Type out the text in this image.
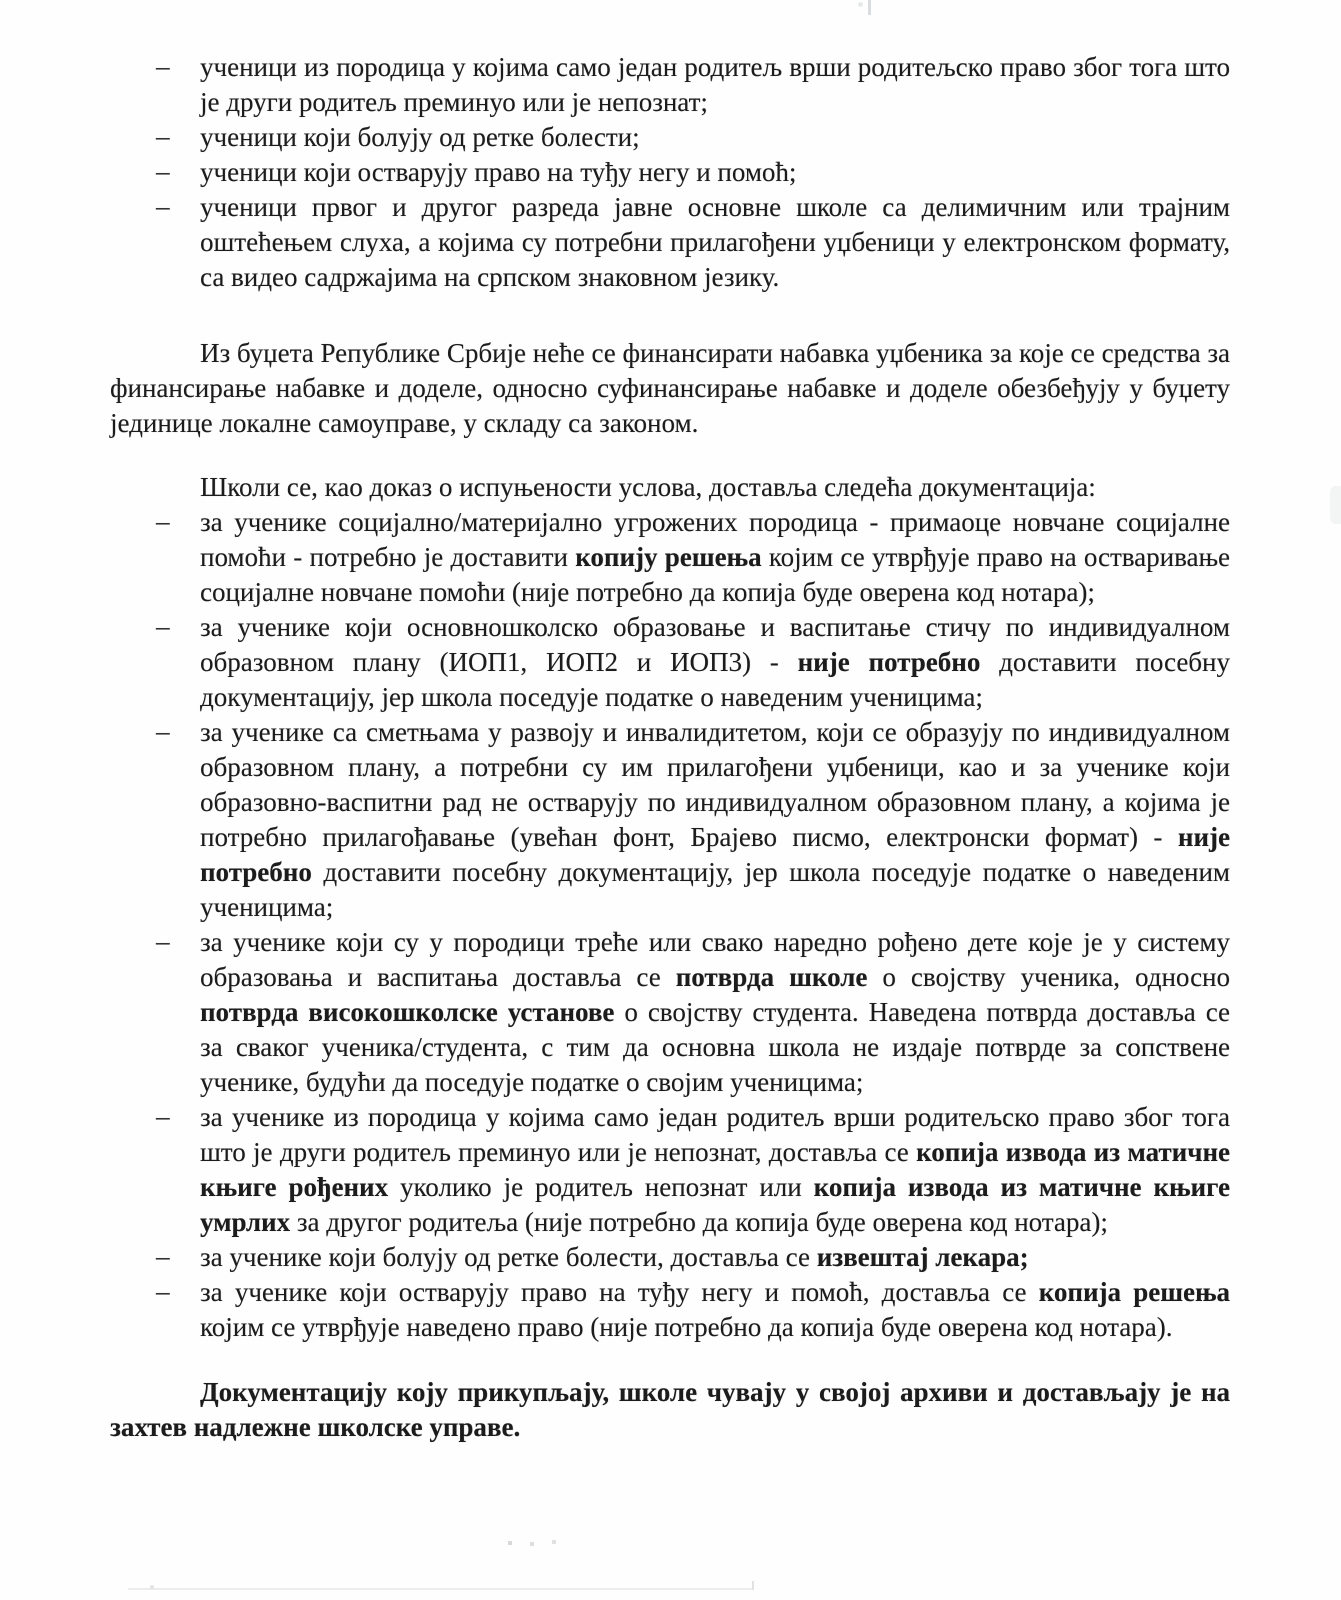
– ученици из породица у којима само један родитељ врши родитељско право због тога што је други родитељ преминуо или је непознат;
– ученици који болују од ретке болести;
– ученици који остварују право на туђу негу и помоћ;
– ученици првог и другог разреда јавне основне школе са делимичним или трајним оштећењем слуха, а којима су потребни прилагођени уџбеници у електронском формату, са видео садржајима на српском знаковном језику.

Из буџета Републике Србије неће се финансирати набавка уџбеника за које се средства за финансирање набавке и доделе, односно суфинансирање набавке и доделе обезбеђују у буџету јединице локалне самоуправе, у складу са законом.

Школи се, као доказ о испуњености услова, доставља следећа документација:

– за ученике социјално/материјално угрожених породица - примаоце новчане социјалне помоћи - потребно је доставити копију решења којим се утврђује право на остваривање социјалне новчане помоћи (није потребно да копија буде оверена код нотара);
– за ученике који основношколско образовање и васпитање стичу по индивидуалном образовном плану (ИОП1, ИОП2 и ИОП3) - није потребно доставити посебну документацију, јер школа поседује податке о наведеним ученицима;
– за ученике са сметњама у развоју и инвалидитетом, који се образују по индивидуалном образовном плану, а потребни су им прилагођени уџбеници, као и за ученике који образовно-васпитни рад не остварују по индивидуалном образовном плану, а којима је потребно прилагођавање (увећан фонт, Брајево писмо, електронски формат) - није потребно доставити посебну документацију, јер школа поседује податке о наведеним ученицима;
– за ученике који су у породици треће или свако наредно рођено дете које је у систему образовања и васпитања доставља се потврда школе о својству ученика, односно потврда високошколске установе о својству студента. Наведена потврда доставља се за сваког ученика/студента, с тим да основна школа не издаје потврде за сопствене ученике, будући да поседује податке о својим ученицима;
– за ученике из породица у којима само један родитељ врши родитељско право због тога што је други родитељ преминуо или је непознат, доставља се копија извода из матичне књиге рођених уколико је родитељ непознат или копија извода из матичне књиге умрлих за другог родитеља (није потребно да копија буде оверена код нотара);
– за ученике који болују од ретке болести, доставља се извештај лекара;
– за ученике који остварују право на туђу негу и помоћ, доставља се копија решења којим се утврђује наведено право (није потребно да копија буде оверена код нотара).

Документацију коју прикупљају, школе чувају у својој архиви и достављају је на захтев надлежне школске управе.
